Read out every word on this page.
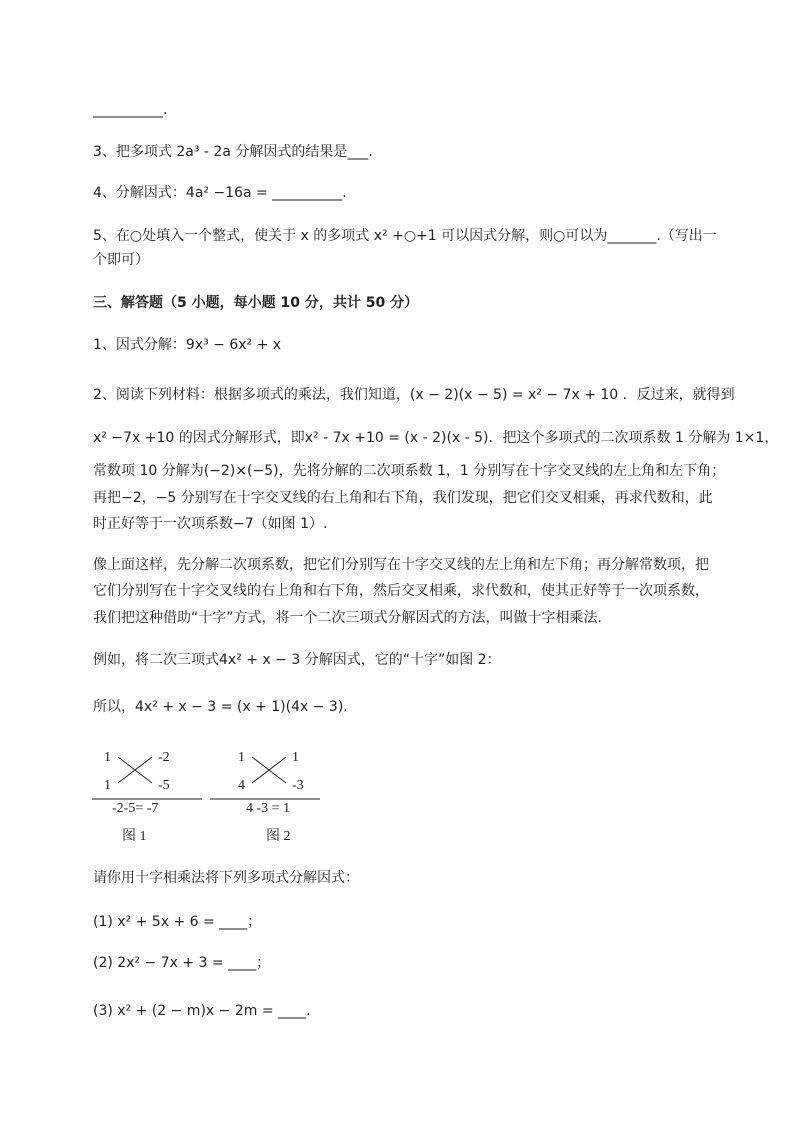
__________.
3、把多项式 2a³ - 2a 分解因式的结果是___.
4、分解因式：4a² −16a = __________.
5、在○处填入一个整式，使关于 x 的多项式 x² +○+1 可以因式分解，则○可以为_______.（写出一
个即可）
三、解答题（5 小题，每小题 10 分，共计 50 分）
1、因式分解：9x³ − 6x² + x
2、阅读下列材料：根据多项式的乘法，我们知道，(x − 2)(x − 5) = x² − 7x + 10 ．反过来，就得到
x² −7x +10 的因式分解形式，即x² - 7x +10 = (x - 2)(x - 5)．把这个多项式的二次项系数 1 分解为 1×1，
常数项 10 分解为(−2)×(−5)，先将分解的二次项系数 1，1 分别写在十字交叉线的左上角和左下角；
再把−2，−5 分别写在十字交叉线的右上角和右下角，我们发现，把它们交叉相乘，再求代数和，此
时正好等于一次项系数−7（如图 1）.
像上面这样，先分解二次项系数，把它们分别写在十字交叉线的左上角和左下角；再分解常数项，把
它们分别写在十字交叉线的右上角和右下角，然后交叉相乘，求代数和，使其正好等于一次项系数，
我们把这种借助“十字”方式，将一个二次三项式分解因式的方法，叫做十字相乘法．
例如，将二次三项式4x² + x − 3 分解因式，它的“十字”如图 2：
所以，4x² + x − 3 = (x + 1)(4x − 3)．
1	-2
1	-5
-2-5= -7
图 1
1	1
4	-3
4 -3 = 1
图 2
请你用十字相乘法将下列多项式分解因式：
(1) x² + 5x + 6 = ____；
(2) 2x² − 7x + 3 = ____；
(3) x² + (2 − m)x − 2m = ____.
